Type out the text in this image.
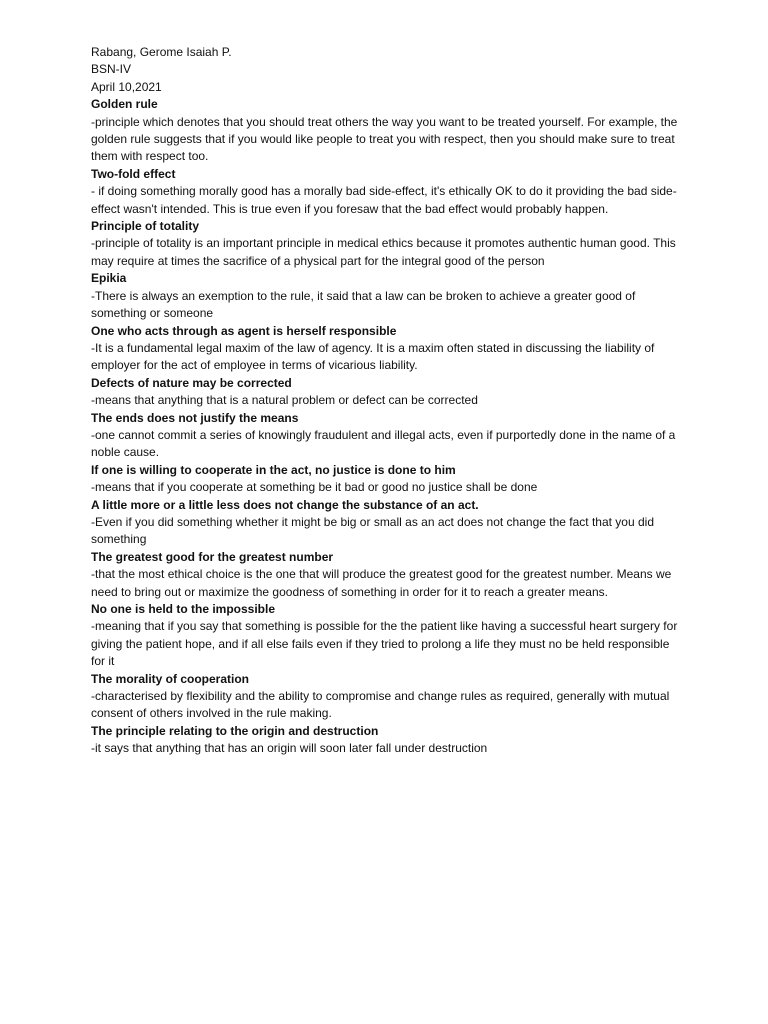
Rabang, Gerome Isaiah P.

BSN-IV

April 10,2021

Golden rule

-principle which denotes that you should treat others the way you want to be treated yourself. For example, the golden rule suggests that if you would like people to treat you with respect, then you should make sure to treat them with respect too.

Two-fold effect

- if doing something morally good has a morally bad side-effect, it's ethically OK to do it providing the bad side-effect wasn't intended. This is true even if you foresaw that the bad effect would probably happen.

Principle of totality

-principle of totality is an important principle in medical ethics because it promotes authentic human good. This may require at times the sacrifice of a physical part for the integral good of the person

Epikia

-There is always an exemption to the rule, it said that a law can be broken to achieve a greater good of something or someone

One who acts through as agent is herself responsible

-It is a fundamental legal maxim of the law of agency. It is a maxim often stated in discussing the liability of employer for the act of employee in terms of vicarious liability.

Defects of nature may be corrected

-means that anything that is a natural problem or defect can be corrected

The ends does not justify the means

-one cannot commit a series of knowingly fraudulent and illegal acts, even if purportedly done in the name of a noble cause.

If one is willing to cooperate in the act, no justice is done to him

-means that if you cooperate at something be it bad or good no justice shall be done

A little more or a little less does not change the substance of an act.

-Even if you did something whether it might be big or small as an act does not change the fact that you did something

The greatest good for the greatest number

-that the most ethical choice is the one that will produce the greatest good for the greatest number. Means we need to bring out or maximize the goodness of something in order for it to reach a greater means.

No one is held to the impossible

-meaning that if you say that something is possible for the the patient like having a successful heart surgery for giving the patient hope, and if all else fails even if they tried to prolong a life they must no be held responsible for it

The morality of cooperation

-characterised by flexibility and the ability to compromise and change rules as required, generally with mutual consent of others involved in the rule making.

The principle relating to the origin and destruction

-it says that anything that has an origin will soon later fall under destruction
